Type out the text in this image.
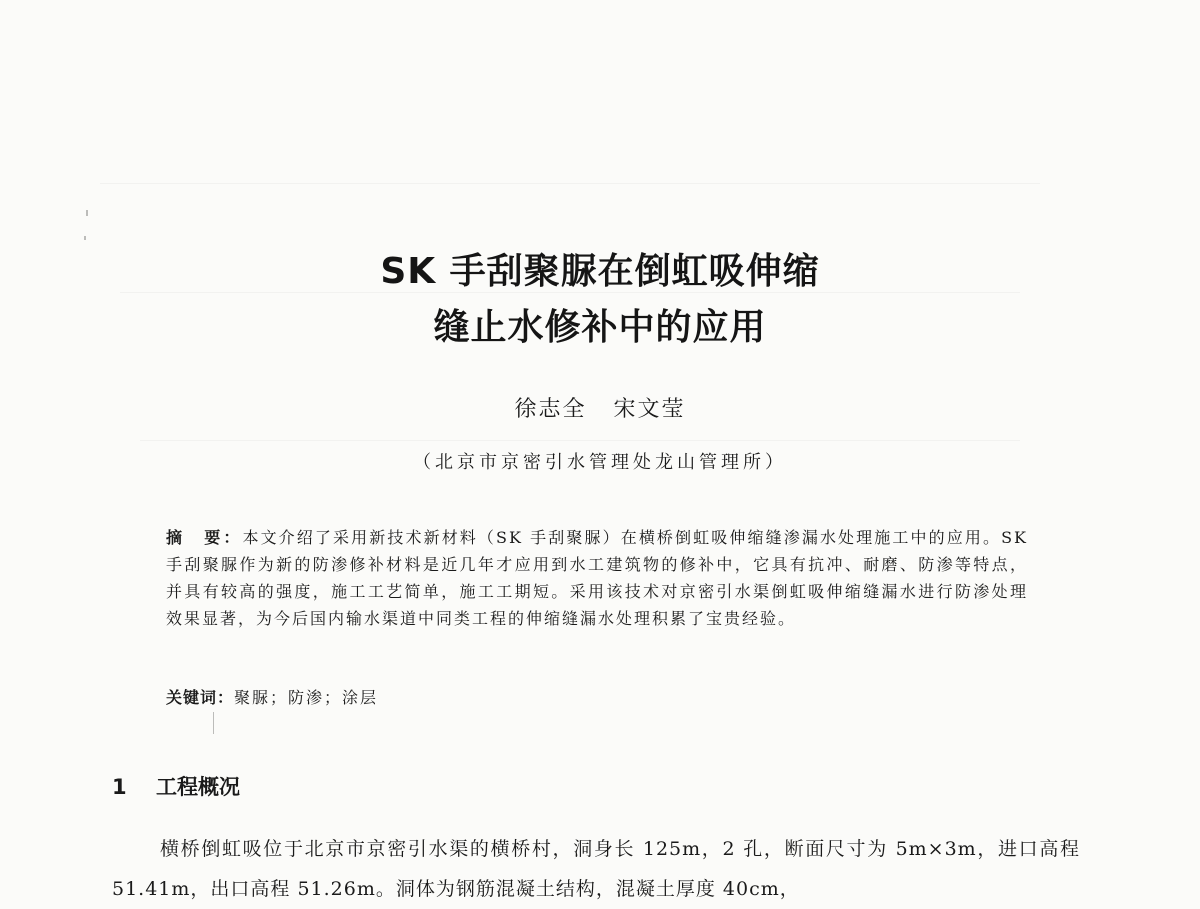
SK 手刮聚脲在倒虹吸伸缩
缝止水修补中的应用
徐志全 宋文莹
（北京市京密引水管理处龙山管理所）
摘　要：本文介绍了采用新技术新材料（SK 手刮聚脲）在横桥倒虹吸伸缩缝渗漏水处理施工中的应用。SK 手刮聚脲作为新的防渗修补材料是近几年才应用到水工建筑物的修补中，它具有抗冲、耐磨、防渗等特点，并具有较高的强度，施工工艺简单，施工工期短。采用该技术对京密引水渠倒虹吸伸缩缝漏水进行防渗处理效果显著，为今后国内输水渠道中同类工程的伸缩缝漏水处理积累了宝贵经验。
关键词：聚脲；防渗；涂层
1 工程概况
横桥倒虹吸位于北京市京密引水渠的横桥村，洞身长 125m，2 孔，断面尺寸为 5m×3m，进口高程 51.41m，出口高程 51.26m。洞体为钢筋混凝土结构，混凝土厚度 40cm，
